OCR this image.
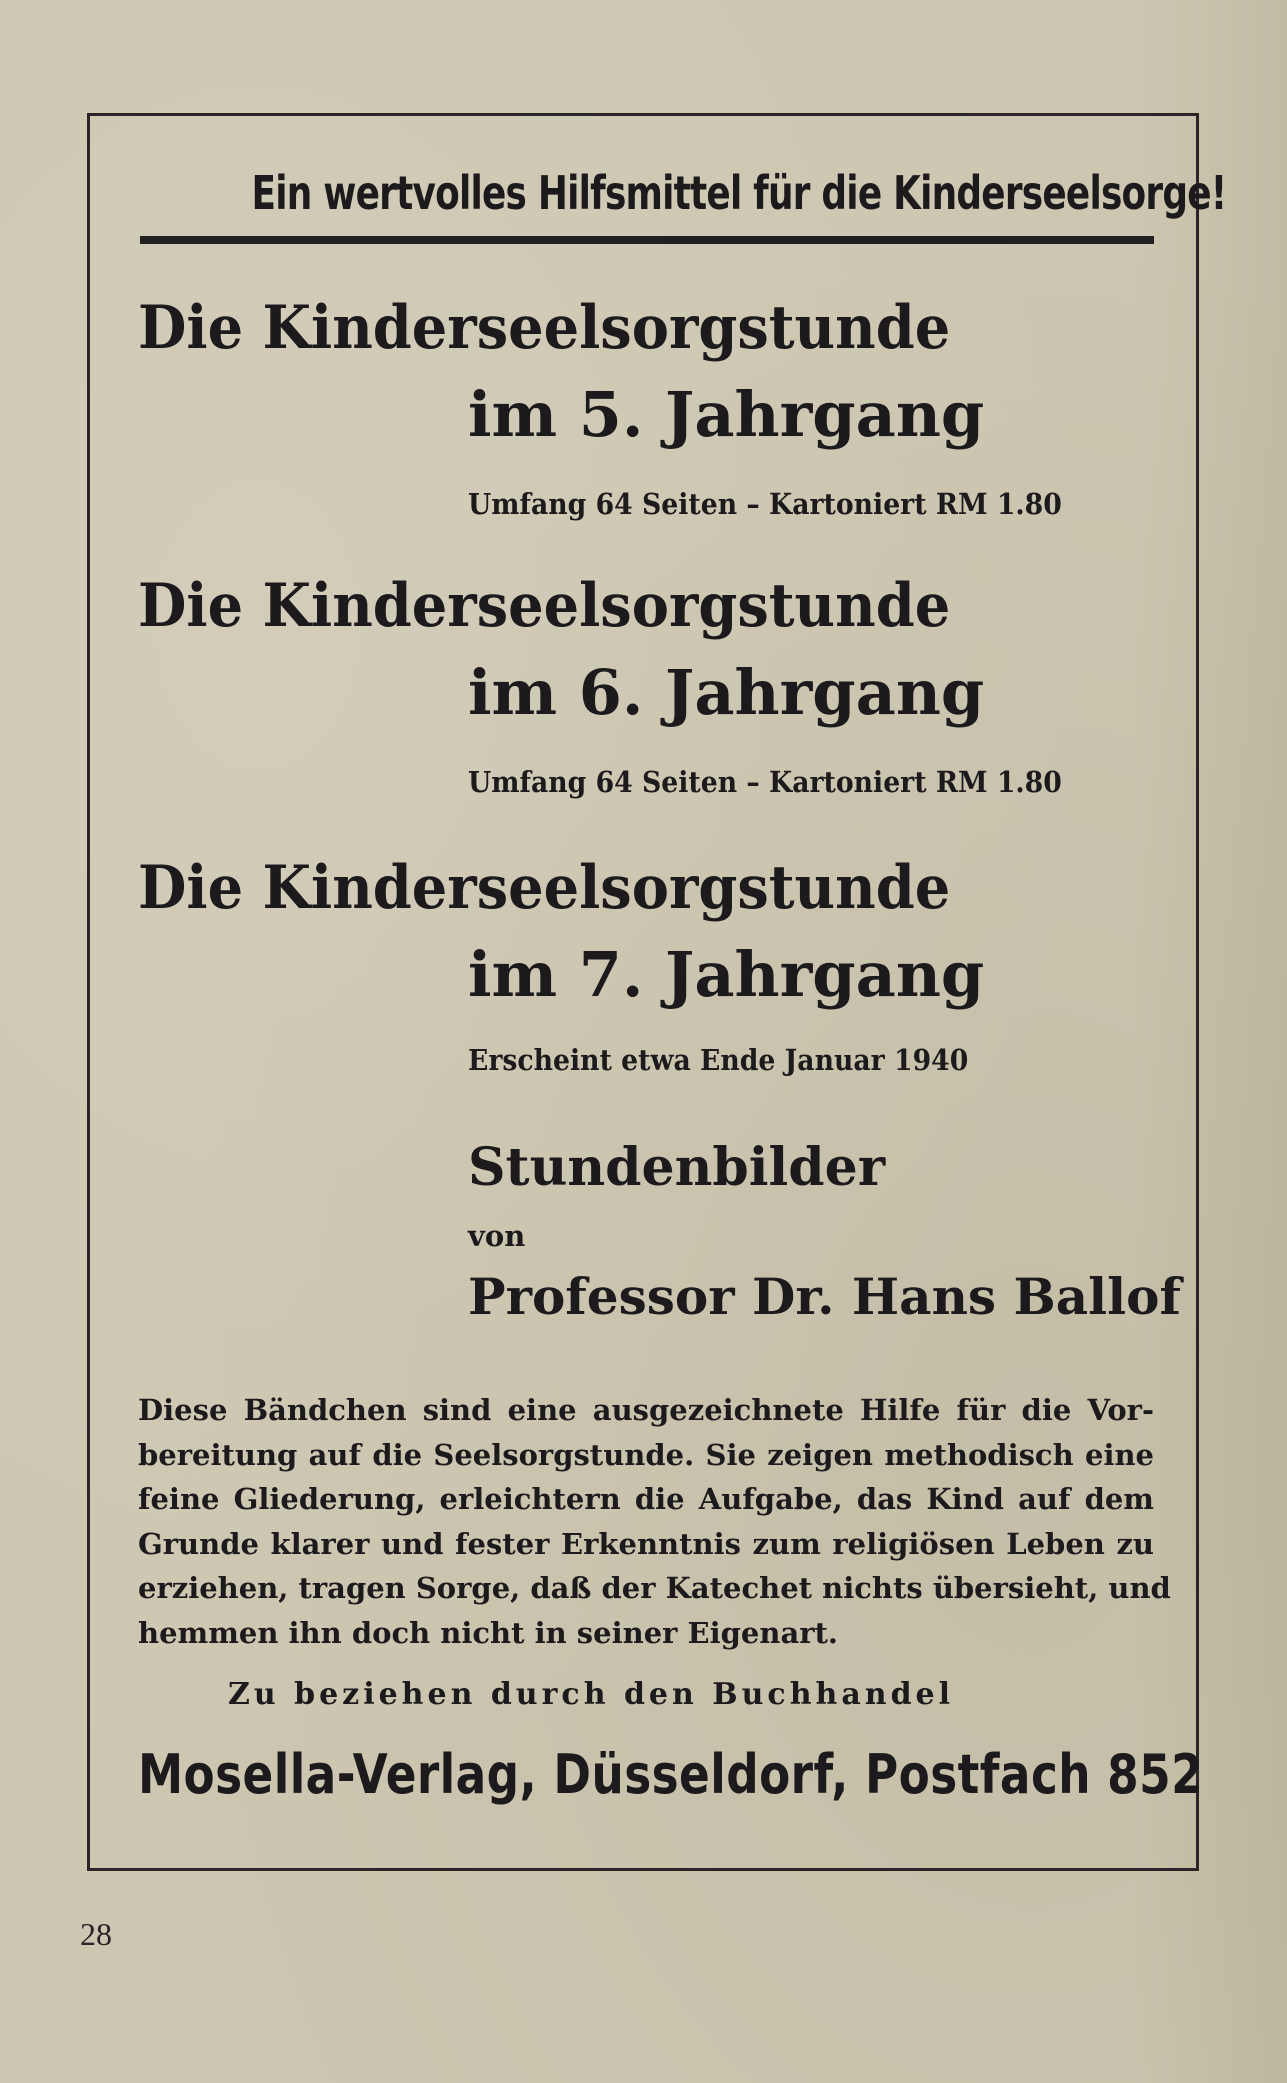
Ein wertvolles Hilfsmittel für die Kinderseelsorge!
Die Kinderseelsorgstunde
im 5. Jahrgang
Umfang 64 Seiten – Kartoniert RM 1.80
Die Kinderseelsorgstunde
im 6. Jahrgang
Umfang 64 Seiten – Kartoniert RM 1.80
Die Kinderseelsorgstunde
im 7. Jahrgang
Erscheint etwa Ende Januar 1940
Stundenbilder
von
Professor Dr. Hans Ballof
Diese Bändchen sind eine ausgezeichnete Hilfe für die Vor-
bereitung auf die Seelsorgstunde. Sie zeigen methodisch eine
feine Gliederung, erleichtern die Aufgabe, das Kind auf dem
Grunde klarer und fester Erkenntnis zum religiösen Leben zu
erziehen, tragen Sorge, daß der Katechet nichts übersieht, und
hemmen ihn doch nicht in seiner Eigenart.
Zu beziehen durch den Buchhandel
Mosella-Verlag, Düsseldorf, Postfach 852
28
